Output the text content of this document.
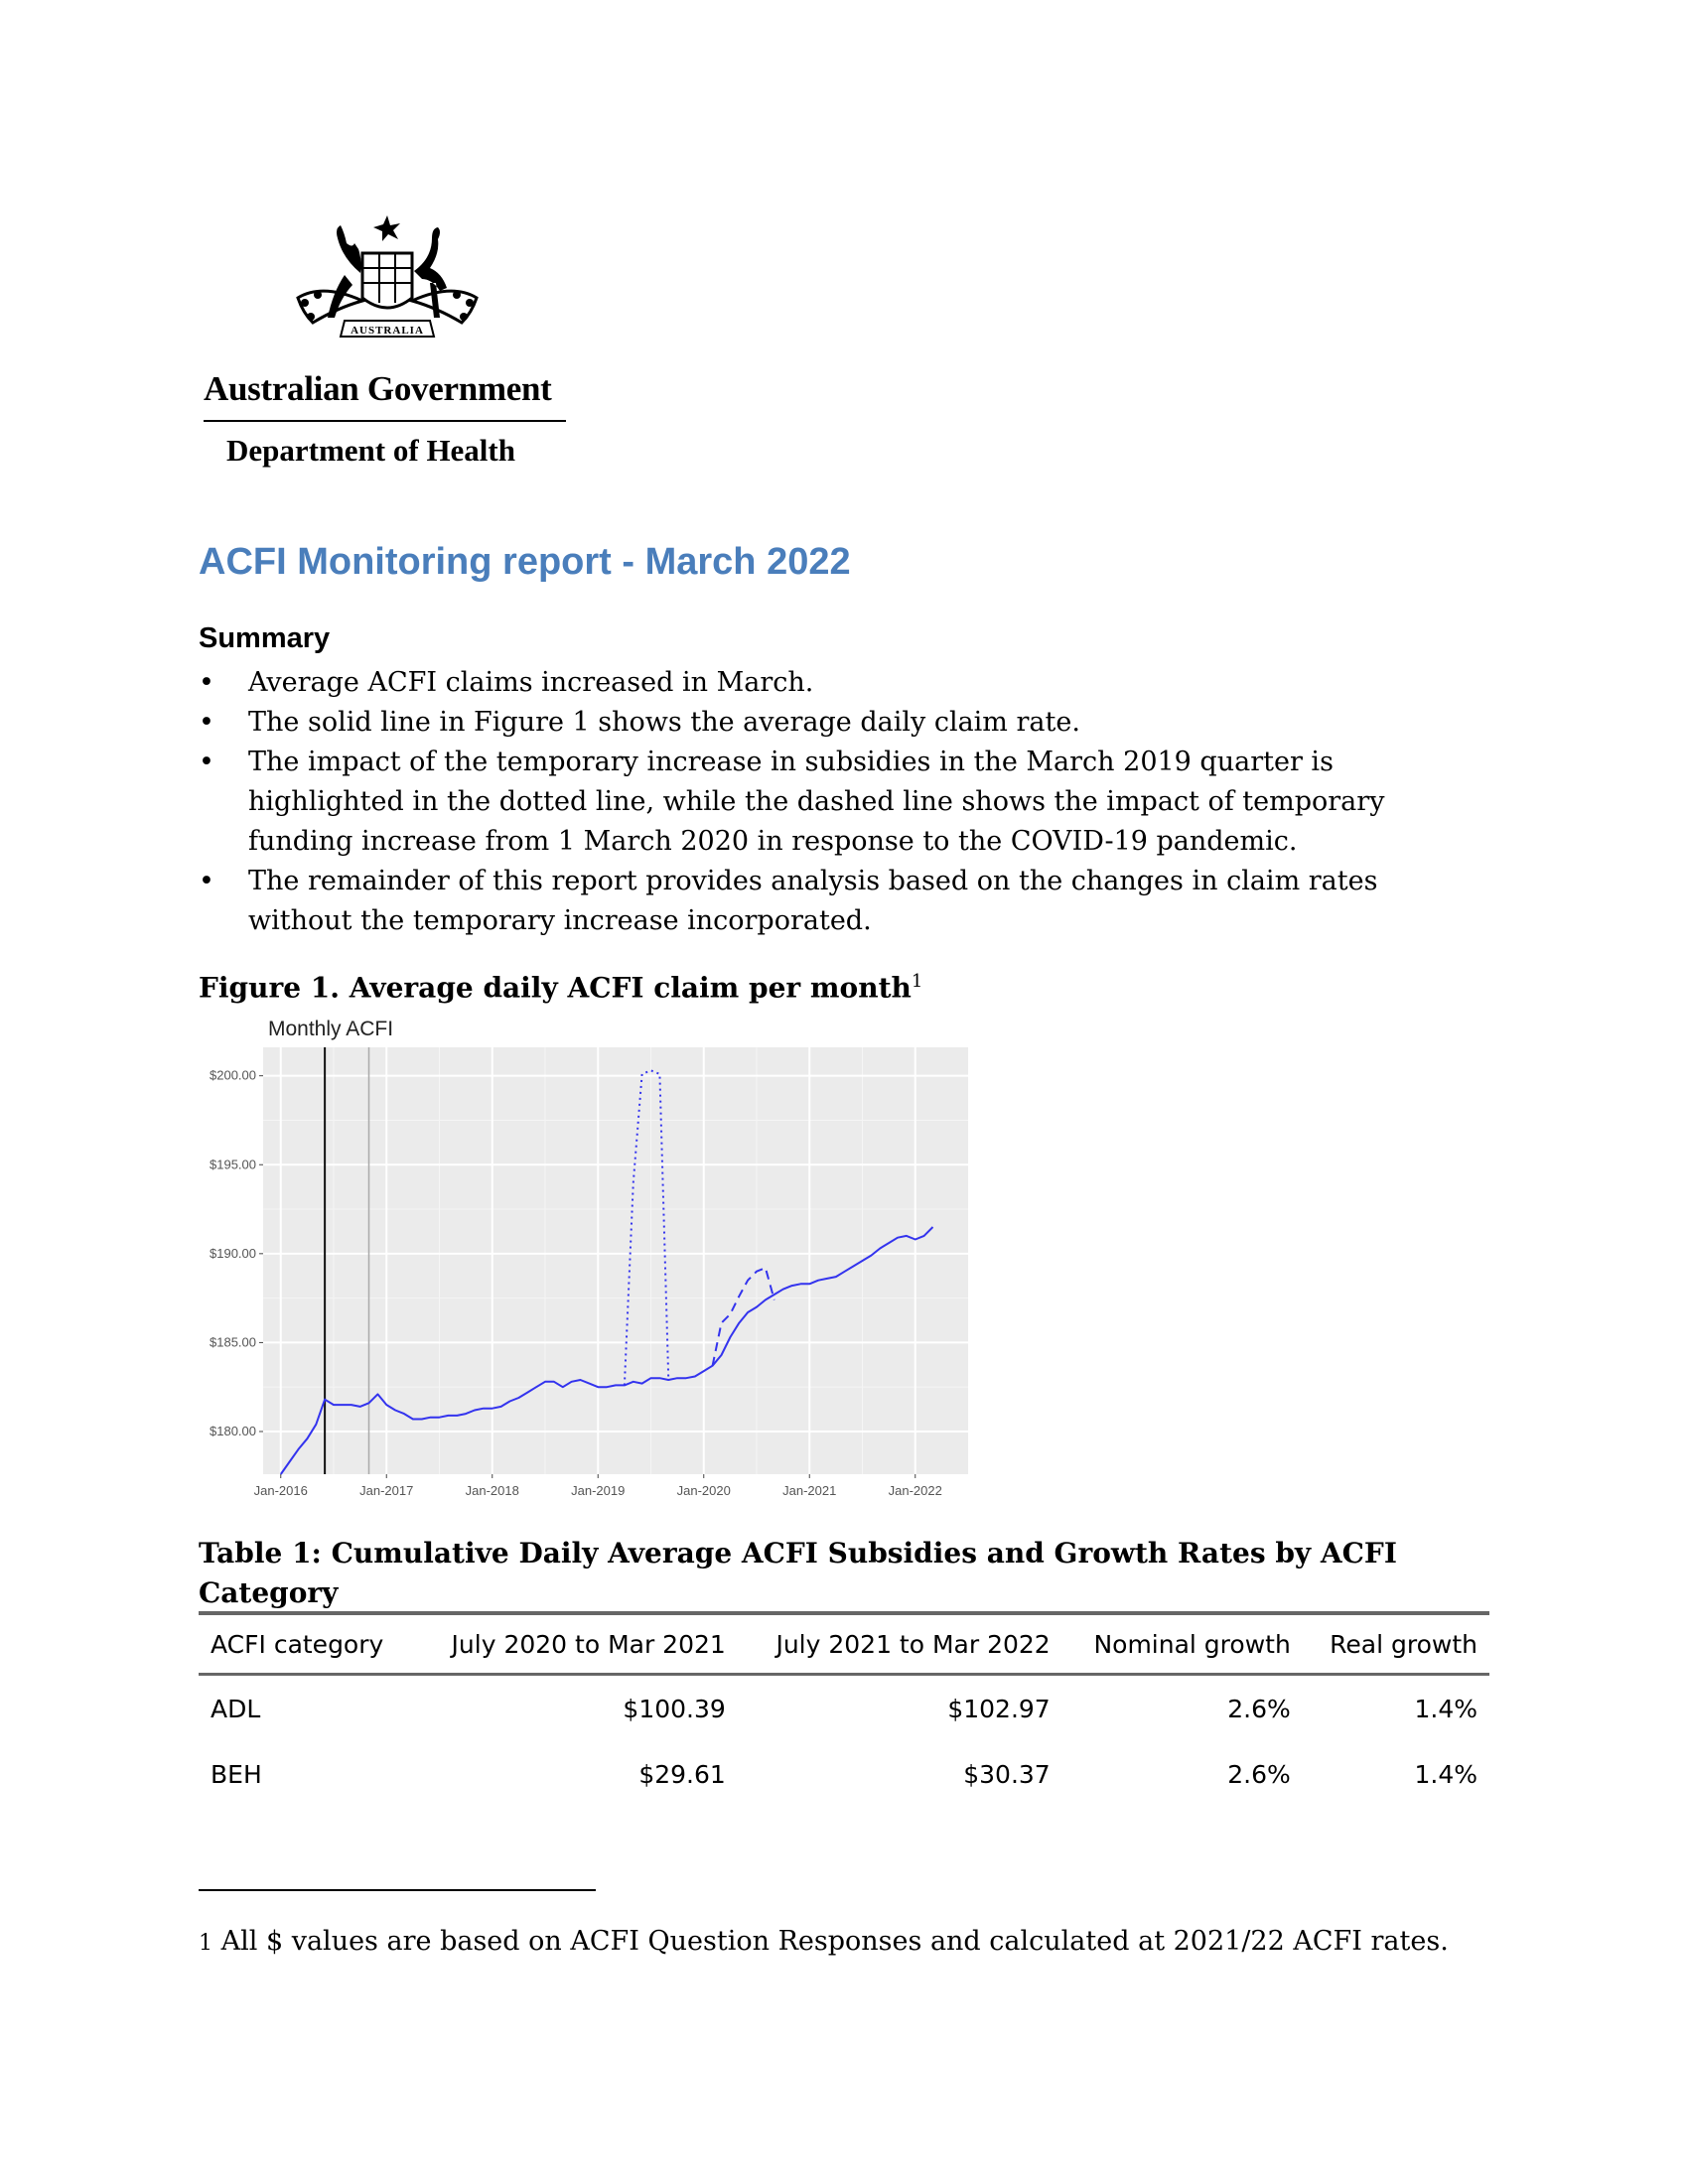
AUSTRALIA
Australian Government
Department of Health
ACFI Monitoring report - March 2022
Summary
• Average ACFI claims increased in March.
• The solid line in Figure 1 shows the average daily claim rate.
• The impact of the temporary increase in subsidies in the March 2019 quarter is highlighted in the dotted line, while the dashed line shows the impact of temporary funding increase from 1 March 2020 in response to the COVID-19 pandemic.
• The remainder of this report provides analysis based on the changes in claim rates without the temporary increase incorporated.
Figure 1. Average daily ACFI claim per month$^1$
Monthly ACFI
$180.00
$185.00
$190.00
$195.00
$200.00
Jan-2016	Jan-2017	Jan-2018	Jan-2019	Jan-2020	Jan-2021	Jan-2022
Table 1: Cumulative Daily Average ACFI Subsidies and Growth Rates by ACFI Category
ACFI category	July 2020 to Mar 2021	July 2021 to Mar 2022	Nominal growth	Real growth
ADL	$100.39	$102.97	2.6%	1.4%
BEH	$29.61	$30.37	2.6%	1.4%
1 All $ values are based on ACFI Question Responses and calculated at 2021/22 ACFI rates.
